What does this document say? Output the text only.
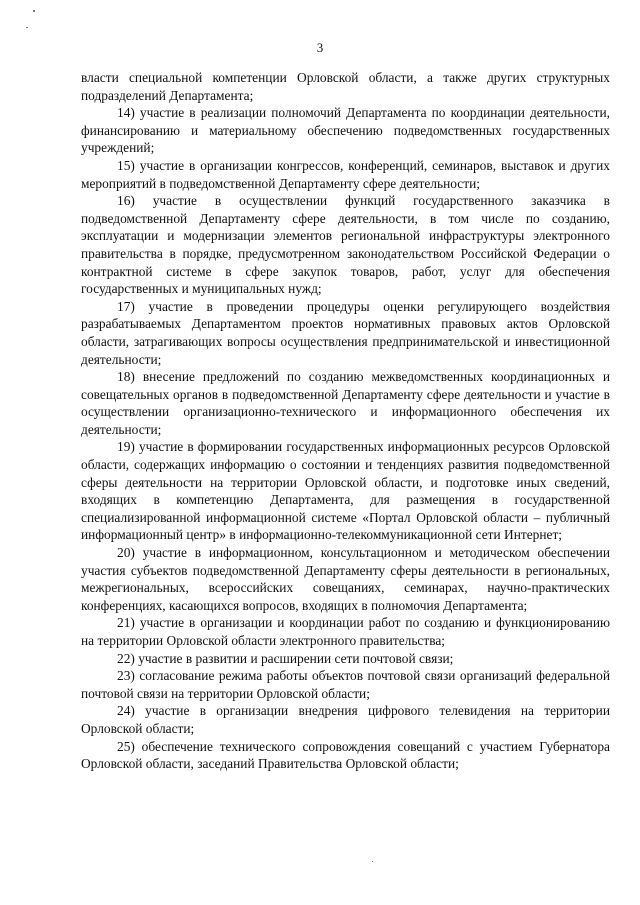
3

власти специальной компетенции Орловской области, а также других структурных подразделений Департамента;

14) участие в реализации полномочий Департамента по координации деятельности, финансированию и материальному обеспечению подведомственных государственных учреждений;

15) участие в организации конгрессов, конференций, семинаров, выставок и других мероприятий в подведомственной Департаменту сфере деятельности;

16) участие в осуществлении функций государственного заказчика в подведомственной Департаменту сфере деятельности, в том числе по созданию, эксплуатации и модернизации элементов региональной инфраструктуры электронного правительства в порядке, предусмотренном законодательством Российской Федерации о контрактной системе в сфере закупок товаров, работ, услуг для обеспечения государственных и муниципальных нужд;

17) участие в проведении процедуры оценки регулирующего воздействия разрабатываемых Департаментом проектов нормативных правовых актов Орловской области, затрагивающих вопросы осуществления предпринимательской и инвестиционной деятельности;

18) внесение предложений по созданию межведомственных координационных и совещательных органов в подведомственной Департаменту сфере деятельности и участие в осуществлении организационно-технического и информационного обеспечения их деятельности;

19) участие в формировании государственных информационных ресурсов Орловской области, содержащих информацию о состоянии и тенденциях развития подведомственной сферы деятельности на территории Орловской области, и подготовке иных сведений, входящих в компетенцию Департамента, для размещения в государственной специализированной информационной системе «Портал Орловской области – публичный информационный центр» в информационно-телекоммуникационной сети Интернет;

20) участие в информационном, консультационном и методическом обеспечении участия субъектов подведомственной Департаменту сферы деятельности в региональных, межрегиональных, всероссийских совещаниях, семинарах, научно-практических конференциях, касающихся вопросов, входящих в полномочия Департамента;

21) участие в организации и координации работ по созданию и функционированию на территории Орловской области электронного правительства;

22) участие в развитии и расширении сети почтовой связи;

23) согласование режима работы объектов почтовой связи организаций федеральной почтовой связи на территории Орловской области;

24) участие в организации внедрения цифрового телевидения на территории Орловской области;

25) обеспечение технического сопровождения совещаний с участием Губернатора Орловской области, заседаний Правительства Орловской области;
